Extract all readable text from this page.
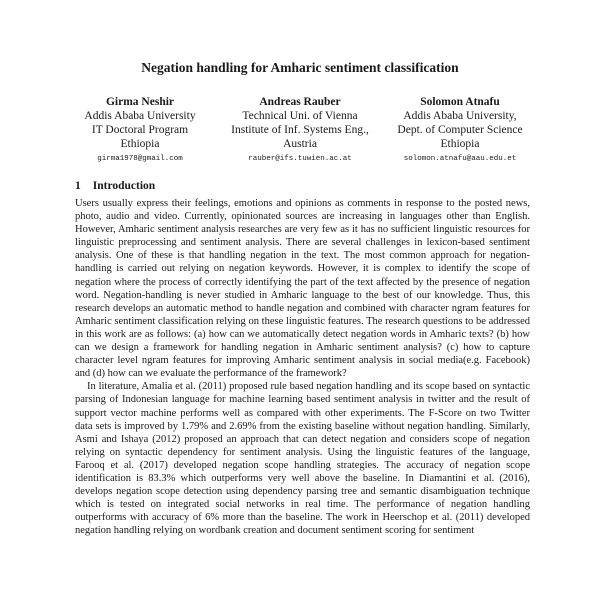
Negation handling for Amharic sentiment classification
Girma Neshir
Addis Ababa University
IT Doctoral Program
Ethiopia
girma1978@gmail.com
Andreas Rauber
Technical Uni. of Vienna
Institute of Inf. Systems Eng.,
Austria
rauber@ifs.tuwien.ac.at
Solomon Atnafu
Addis Ababa University,
Dept. of Computer Science
Ethiopia
solomon.atnafu@aau.edu.et
1 Introduction

Users usually express their feelings, emotions and opinions as comments in response to the posted news, photo, audio and video. Currently, opinionated sources are increasing in languages other than English. However, Amharic sentiment analysis researches are very few as it has no sufficient linguistic resources for linguistic preprocessing and sentiment analysis. There are several challenges in lexicon-based sentiment analysis. One of these is that handling negation in the text. The most common approach for negation-handling is carried out relying on negation keywords. However, it is complex to identify the scope of negation where the process of correctly identifying the part of the text affected by the presence of negation word. Negation-handling is never studied in Amharic language to the best of our knowledge. Thus, this research develops an automatic method to handle negation and combined with character ngram features for Amharic sentiment classification relying on these linguistic features. The research questions to be addressed in this work are as follows: (a) how can we automatically detect negation words in Amharic texts? (b) how can we design a framework for handling negation in Amharic sentiment analysis? (c) how to capture character level ngram features for improving Amharic sentiment analysis in social media(e.g. Facebook) and (d) how can we evaluate the performance of the framework?

In literature, Amalia et al. (2011) proposed rule based negation handling and its scope based on syntactic parsing of Indonesian language for machine learning based sentiment analysis in twitter and the result of support vector machine performs well as compared with other experiments. The F-Score on two Twitter data sets is improved by 1.79% and 2.69% from the existing baseline without negation handling. Similarly, Asmi and Ishaya (2012) proposed an approach that can detect negation and considers scope of negation relying on syntactic dependency for sentiment analysis. Using the linguistic features of the language, Farooq et al. (2017) developed negation scope handling strategies. The accuracy of negation scope identification is 83.3% which outperforms very well above the baseline. In Diamantini et al. (2016), develops negation scope detection using dependency parsing tree and semantic disambiguation technique which is tested on integrated social networks in real time. The performance of negation handling outperforms with accuracy of 6% more than the baseline. The work in Heerschop et al. (2011) developed negation handling relying on wordbank creation and document sentiment scoring for sentiment
